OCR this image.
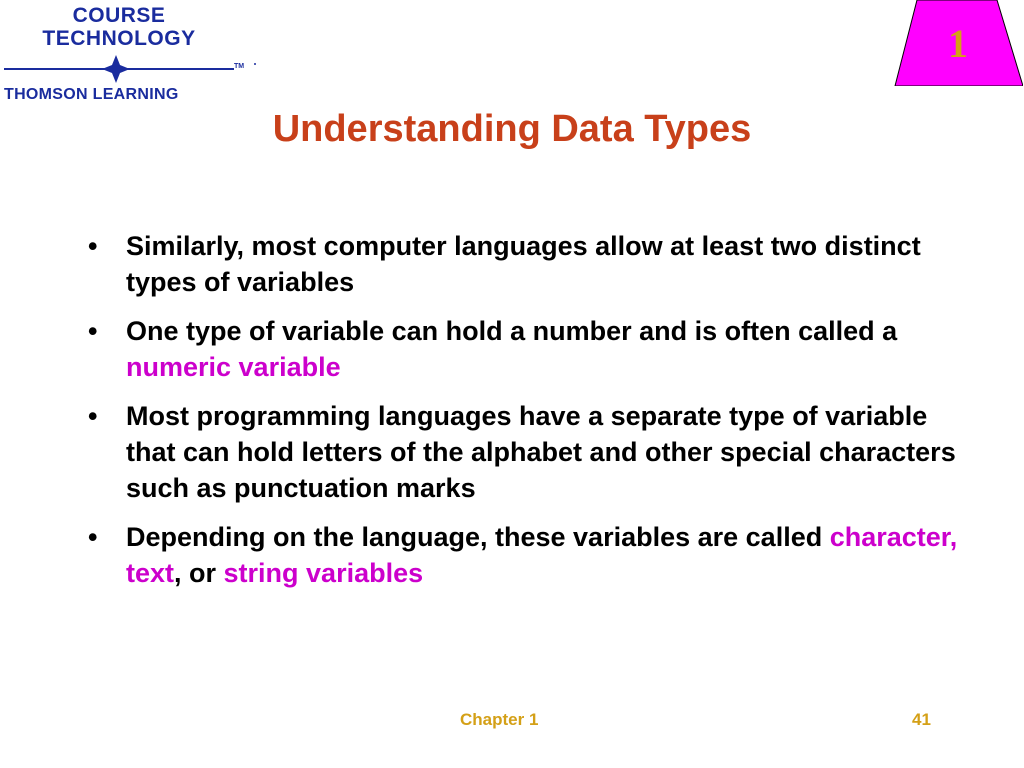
COURSE
TECHNOLOGY
TM
THOMSON LEARNING
1
Understanding Data Types
•	Similarly, most computer languages allow at least two distinct types of variables
•	One type of variable can hold a number and is often called a numeric variable
•	Most programming languages have a separate type of variable that can hold letters of the alphabet and other special characters such as punctuation marks
•	Depending on the language, these variables are called character, text, or string variables
Chapter 1	41
